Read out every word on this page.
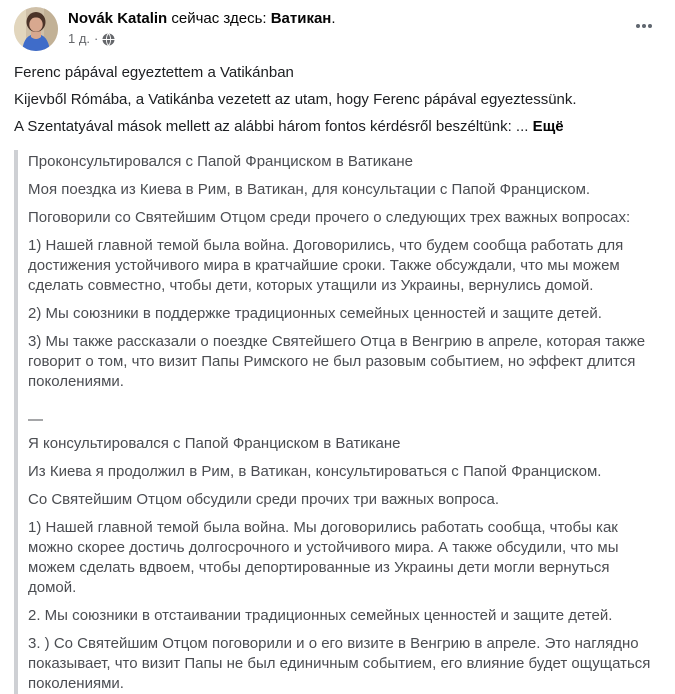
Novák Katalin сейчас здесь: Ватикан.
1 д. ·

Ferenc pápával egyeztettem a Vatikánban

Kijevből Rómába, a Vatikánba vezetett az utam, hogy Ferenc pápával egyeztessünk.

A Szentatyával mások mellett az alábbi három fontos kérdésről beszéltünk: ... Ещё

Проконсультировался с Папой Франциском в Ватикане

Моя поездка из Киева в Рим, в Ватикан, для консультации с Папой Франциском.

Поговорили со Святейшим Отцом среди прочего о следующих трех важных вопросах:

1) Нашей главной темой была война. Договорились, что будем сообща работать для достижения устойчивого мира в кратчайшие сроки. Также обсуждали, что мы можем сделать совместно, чтобы дети, которых утащили из Украины, вернулись домой.

2) Мы союзники в поддержке традиционных семейных ценностей и защите детей.

3) Мы также рассказали о поездке Святейшего Отца в Венгрию в апреле, которая также говорит о том, что визит Папы Римского не был разовым событием, но эффект длится поколениями.

—

Я консультировался с Папой Франциском в Ватикане

Из Киева я продолжил в Рим, в Ватикан, консультироваться с Папой Франциском.

Со Святейшим Отцом обсудили среди прочих три важных вопроса.

1) Нашей главной темой была война. Мы договорились работать сообща, чтобы как можно скорее достичь долгосрочного и устойчивого мира. А также обсудили, что мы можем сделать вдвоем, чтобы депортированные из Украины дети могли вернуться домой.

2. Мы союзники в отстаивании традиционных семейных ценностей и защите детей.

3. ) Со Святейшим Отцом поговорили и о его визите в Венгрию в апреле. Это наглядно показывает, что визит Папы не был единичным событием, его влияние будет ощущаться поколениями.
